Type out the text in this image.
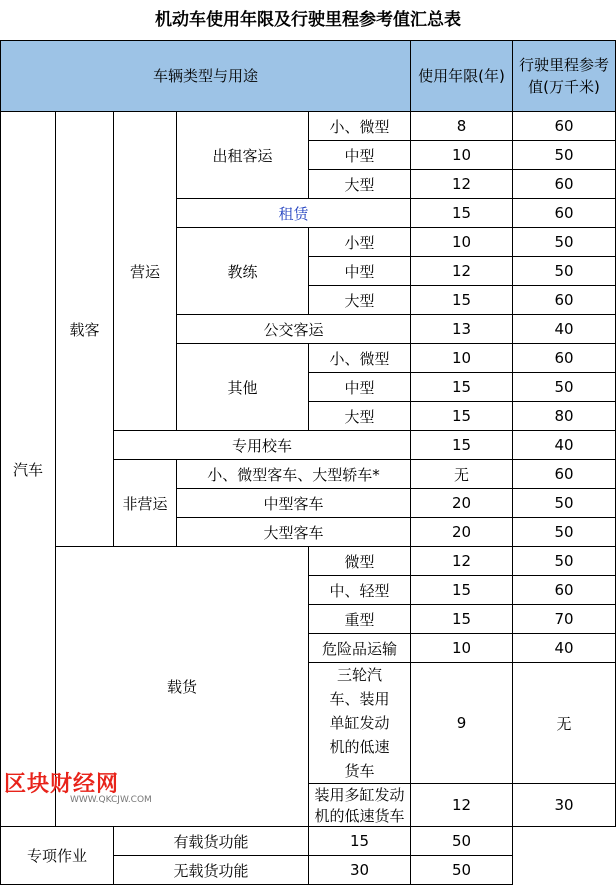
机动车使用年限及行驶里程参考值汇总表
车辆类型与用途					使用年限(年)	行驶里程参考
值(万千米)
汽车	载客	营运	出租客运	小、微型	8	60
				中型	10	50
				大型	12	60
			租赁		15	60
			教练	小型	10	50
				中型	12	50
				大型	15	60
			公交客运		13	40
			其他	小、微型	10	60
				中型	15	50
				大型	15	80
		专用校车			15	40
		非营运	小、微型客车、大型轿车*		无	60
			中型客车		20	50
			大型客车		20	50
	载货			微型	12	50
				中、轻型	15	60
				重型	15	70
				危险品运输	10	40
				三轮汽车、装用单缸发动机的低速货车	9	无
				装用多缸发动机的低速货车	12	30
专项作业		有载货功能		15	50	
		无载货功能		30	50	
区块财经网
WWW.QKCJW.COM
